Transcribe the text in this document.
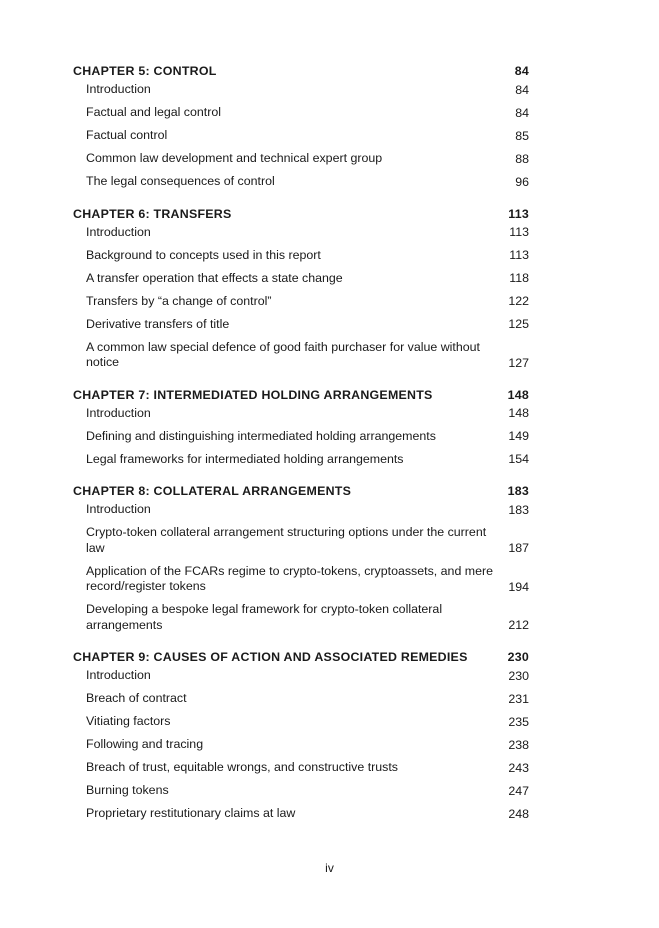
CHAPTER 5: CONTROL	84
Introduction	84
Factual and legal control	84
Factual control	85
Common law development and technical expert group	88
The legal consequences of control	96
CHAPTER 6: TRANSFERS	113
Introduction	113
Background to concepts used in this report	113
A transfer operation that effects a state change	118
Transfers by “a change of control”	122
Derivative transfers of title	125
A common law special defence of good faith purchaser for value without notice	127
CHAPTER 7: INTERMEDIATED HOLDING ARRANGEMENTS	148
Introduction	148
Defining and distinguishing intermediated holding arrangements	149
Legal frameworks for intermediated holding arrangements	154
CHAPTER 8: COLLATERAL ARRANGEMENTS	183
Introduction	183
Crypto-token collateral arrangement structuring options under the current law	187
Application of the FCARs regime to crypto-tokens, cryptoassets, and mere record/register tokens	194
Developing a bespoke legal framework for crypto-token collateral arrangements	212
CHAPTER 9: CAUSES OF ACTION AND ASSOCIATED REMEDIES	230
Introduction	230
Breach of contract	231
Vitiating factors	235
Following and tracing	238
Breach of trust, equitable wrongs, and constructive trusts	243
Burning tokens	247
Proprietary restitutionary claims at law	248
iv
